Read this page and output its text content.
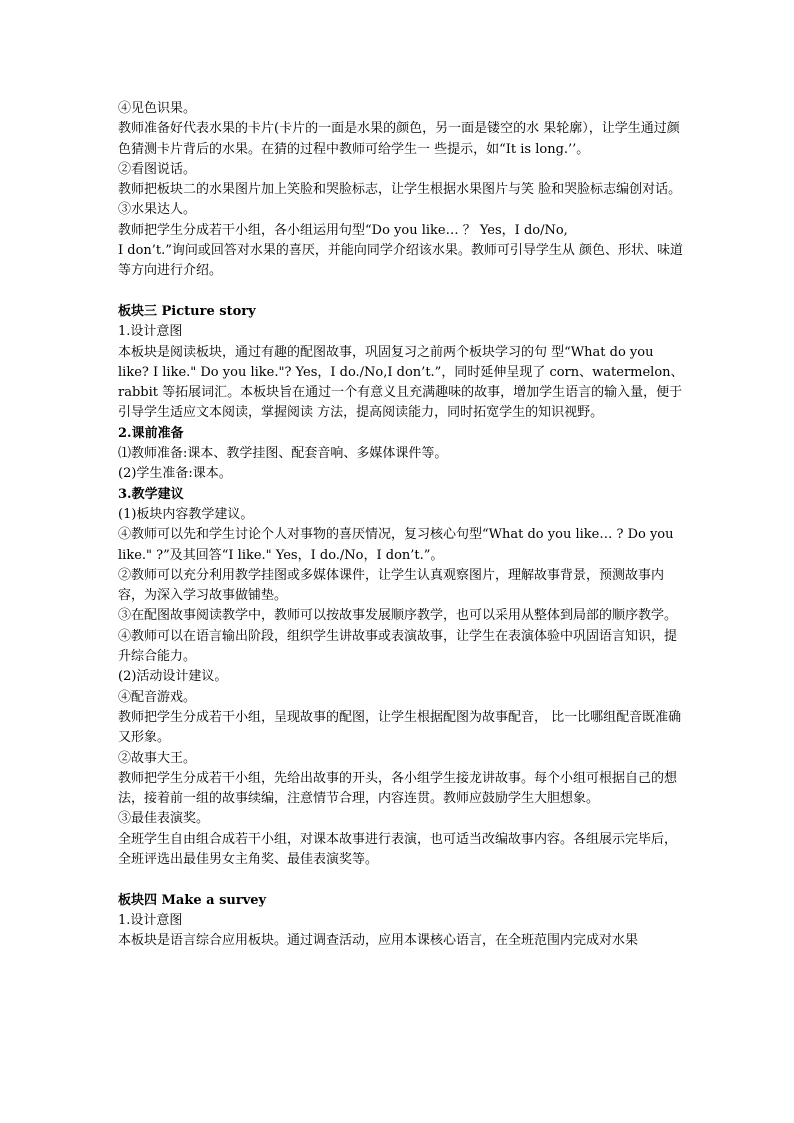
④见色识果。

教师准备好代表水果的卡片(卡片的一面是水果的颜色，另一面是镂空的水 果轮廓），让学生通过颜色猜测卡片背后的水果。在猜的过程中教师可给学生一 些提示，如“It is long.’’。

②看图说话。

教师把板块二的水果图片加上笑脸和哭脸标志，让学生根据水果图片与笑 脸和哭脸标志编创对话。

③水果达人。

教师把学生分成若干小组，各小组运用句型“Do you like… ？ Yes，I do/No,

I don’t.”询问或回答对水果的喜厌，并能向同学介绍该水果。教师可引导学生从 颜色、形状、味道等方向进行介绍。

板块三 Picture story

1.设计意图

本板块是阅读板块，通过有趣的配图故事，巩固复习之前两个板块学习的句 型“What do you like? I like." Do you like."? Yes，I do./No,I don’t.”，同时延伸呈现了 corn、watermelon、rabbit 等拓展词汇。本板块旨在通过一个有意义且充满趣味的故事，增加学生语言的输入量，便于引导学生适应文本阅读，掌握阅读 方法，提高阅读能力，同时拓宽学生的知识视野。

2.课前准备

⑴教师准备:课本、教学挂图、配套音响、多媒体课件等。

(2)学生准备:课本。

3.教学建议

(1)板块内容教学建议。

④教师可以先和学生讨论个人对事物的喜厌情况，复习核心句型“What do you like… ? Do you like." ?”及其回答“I like." Yes，I do./No，I don’t.”。

②教师可以充分利用教学挂图或多媒体课件，让学生认真观察图片，理解故事背景，预测故事内容，为深入学习故事做铺垫。

③在配图故事阅读教学中，教师可以按故事发展顺序教学，也可以采用从整体到局部的顺序教学。

④教师可以在语言输出阶段，组织学生讲故事或表演故事，让学生在表演体验中巩固语言知识，提升综合能力。

(2)活动设计建议。

④配音游戏。

教师把学生分成若干小组，呈现故事的配图，让学生根据配图为故事配音， 比一比哪组配音既准确又形象。

②故事大王。

教师把学生分成若干小组，先给出故事的开头，各小组学生接龙讲故事。每个小组可根据自己的想法，接着前一组的故事续编，注意情节合理，内容连贯。教师应鼓励学生大胆想象。

③最佳表演奖。

全班学生自由组合成若干小组，对课本故事进行表演，也可适当改编故事内容。各组展示完毕后，全班评选出最佳男女主角奖、最佳表演奖等。

板块四 Make a survey

1.设计意图

本板块是语言综合应用板块。通过调查活动，应用本课核心语言，在全班范围内完成对水果
